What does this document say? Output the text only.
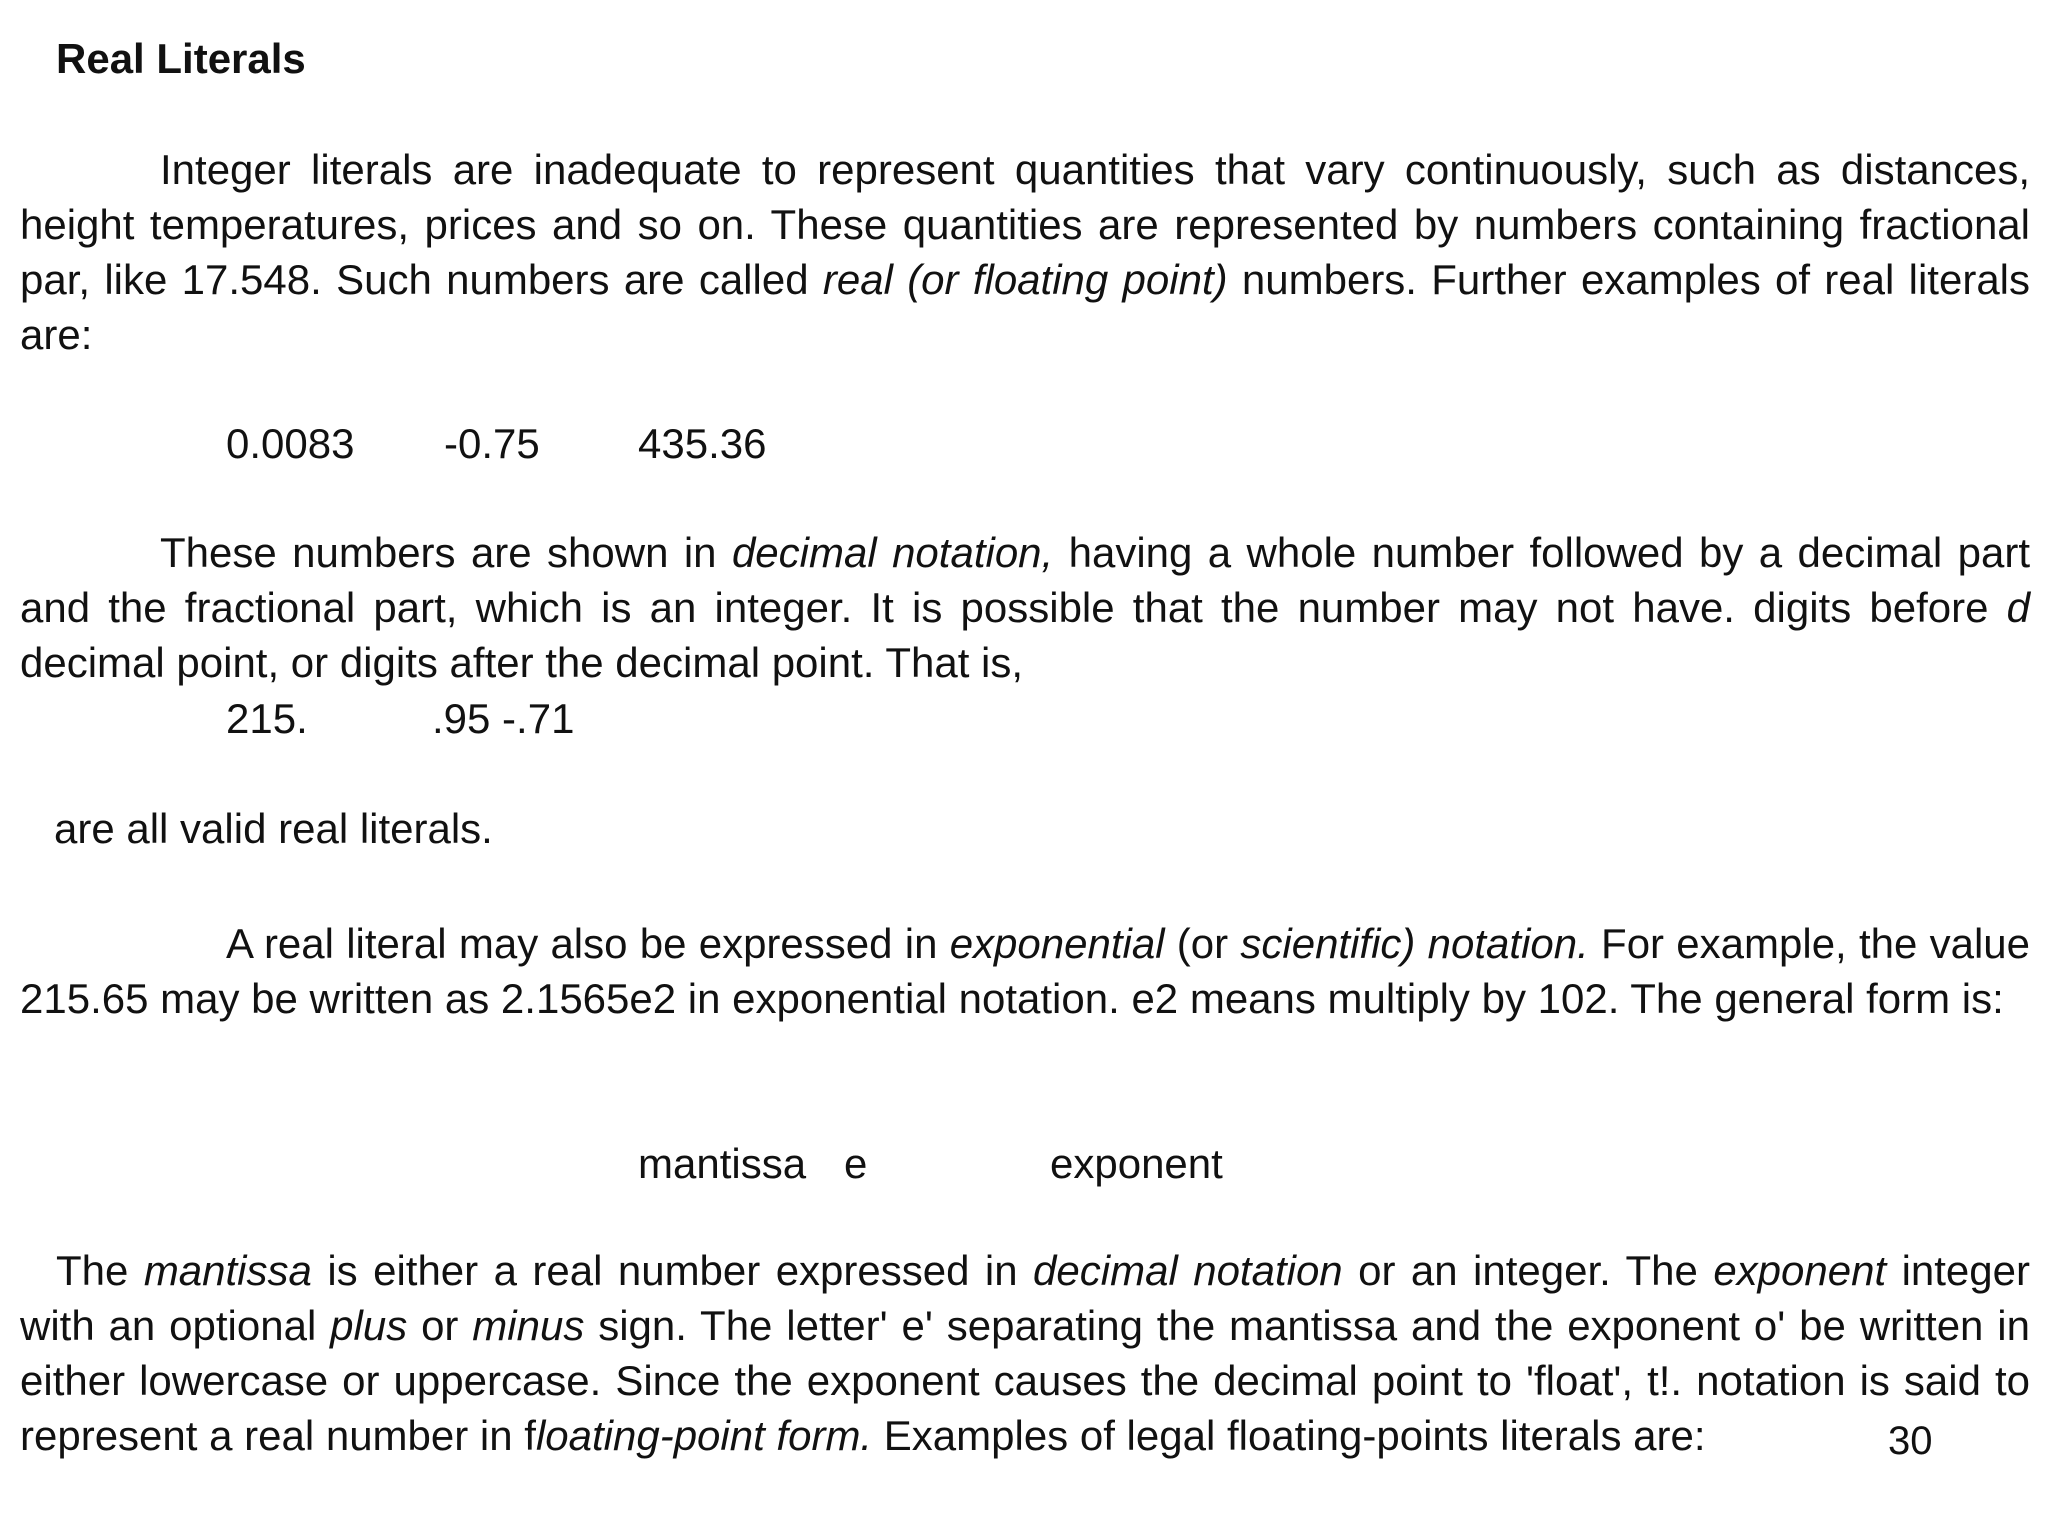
Real Literals

Integer literals are inadequate to represent quantities that vary continuously, such as distances, height temperatures, prices and so on. These quantities are represented by numbers containing fractional par, like 17.548. Such numbers are called real (or floating point) numbers. Further examples of real literals are:

0.0083 -0.75 435.36

These numbers are shown in decimal notation, having a whole number followed by a decimal part and the fractional part, which is an integer. It is possible that the number may not have. digits before d decimal point, or digits after the decimal point. That is,

215.	.95 -.71
are all valid real literals.

A real literal may also be expressed in exponential (or scientific) notation. For example, the value 215.65 may be written as 2.1565e2 in exponential notation. e2 means multiply by 102. The general form is:

mantissa e	exponent

The mantissa is either a real number expressed in decimal notation or an integer. The exponent integer with an optional plus or minus sign. The letter' e' separating the mantissa and the exponent o' be written in either lowercase or uppercase. Since the exponent causes the decimal point to 'float', t!. notation is said to represent a real number in floating-point form. Examples of legal floating-points literals are:	30
